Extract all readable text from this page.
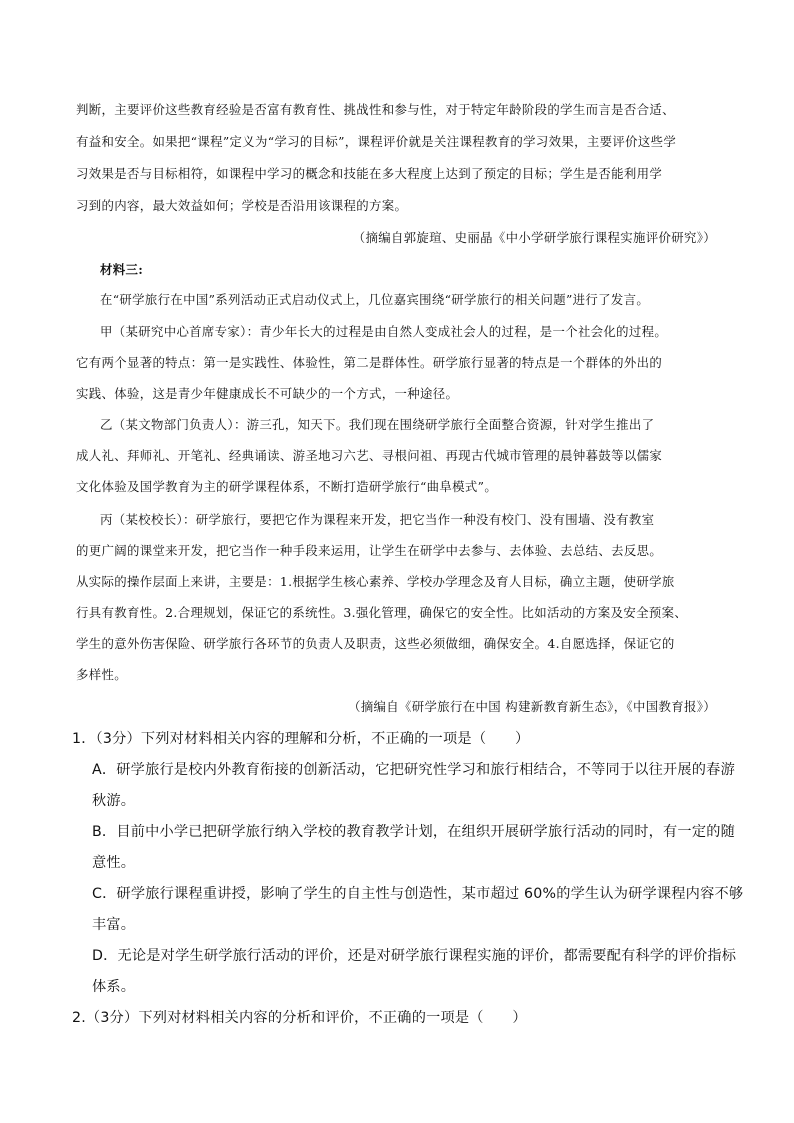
判断，主要评价这些教育经验是否富有教育性、挑战性和参与性，对于特定年龄阶段的学生而言是否合适、
有益和安全。如果把“课程”定义为“学习的目标”，课程评价就是关注课程教育的学习效果，主要评价这些学
习效果是否与目标相符，如课程中学习的概念和技能在多大程度上达到了预定的目标；学生是否能利用学
习到的内容，最大效益如何；学校是否沿用该课程的方案。
（摘编自郭旋瑄、史丽晶《中小学研学旅行课程实施评价研究》）
材料三:
在“研学旅行在中国”系列活动正式启动仪式上，几位嘉宾围绕“研学旅行的相关问题”进行了发言。
甲（某研究中心首席专家）：青少年长大的过程是由自然人变成社会人的过程，是一个社会化的过程。
它有两个显著的特点：第一是实践性、体验性，第二是群体性。研学旅行显著的特点是一个群体的外出的
实践、体验，这是青少年健康成长不可缺少的一个方式，一种途径。
乙（某文物部门负责人）：游三孔，知天下。我们现在围绕研学旅行全面整合资源，针对学生推出了
成人礼、拜师礼、开笔礼、经典诵读、游圣地习六艺、寻根问祖、再现古代城市管理的晨钟暮鼓等以儒家
文化体验及国学教育为主的研学课程体系，不断打造研学旅行“曲阜模式”。
丙（某校校长）：研学旅行，要把它作为课程来开发，把它当作一种没有校门、没有围墙、没有教室
的更广阔的课堂来开发，把它当作一种手段来运用，让学生在研学中去参与、去体验、去总结、去反思。
从实际的操作层面上来讲，主要是：1.根据学生核心素养、学校办学理念及育人目标，确立主题，使研学旅
行具有教育性。2.合理规划，保证它的系统性。3.强化管理，确保它的安全性。比如活动的方案及安全预案、
学生的意外伤害保险、研学旅行各环节的负责人及职责，这些必须做细，确保安全。4.自愿选择，保证它的
多样性。
（摘编自《研学旅行在中国 构建新教育新生态》，《中国教育报》）
1．（3分）下列对材料相关内容的理解和分析，不正确的一项是（　　）
A．研学旅行是校内外教育衔接的创新活动，它把研究性学习和旅行相结合，不等同于以往开展的春游
秋游。
B．目前中小学已把研学旅行纳入学校的教育教学计划，在组织开展研学旅行活动的同时，有一定的随
意性。
C．研学旅行课程重讲授，影响了学生的自主性与创造性，某市超过 60%的学生认为研学课程内容不够
丰富。
D．无论是对学生研学旅行活动的评价，还是对研学旅行课程实施的评价，都需要配有科学的评价指标
体系。
2.（3分）下列对材料相关内容的分析和评价，不正确的一项是（　　）
